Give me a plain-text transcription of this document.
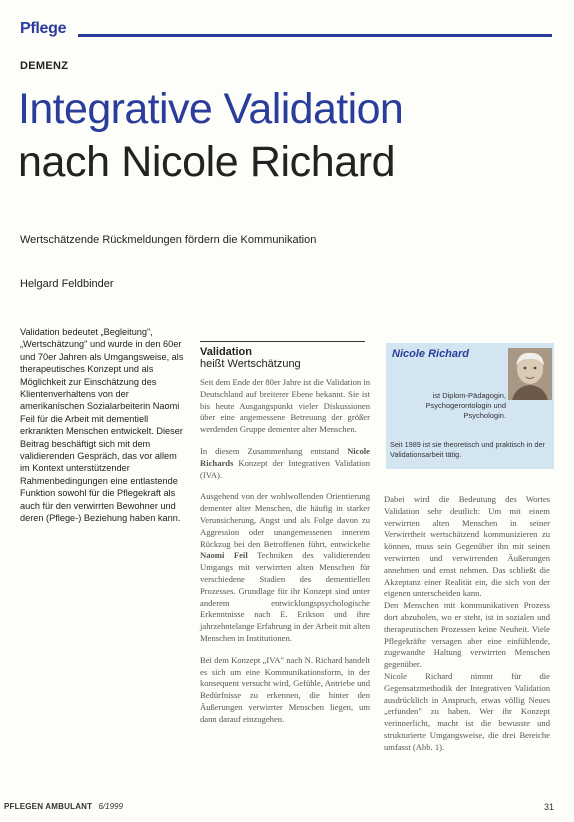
Pflege
DEMENZ
Integrative Validation
nach Nicole Richard
Wertschätzende Rückmeldungen fördern die Kommunikation
Helgard Feldbinder

Validation bedeutet „Begleitung", „Wertschätzung" und wurde in den 60er und 70er Jahren als Umgangsweise, als therapeutisches Konzept und als Möglichkeit zur Einschätzung des Klientenverhaltens von der amerikanischen Sozialarbeiterin Naomi Feil für die Arbeit mit dementiell erkrankten Menschen entwickelt. Dieser Beitrag beschäftigt sich mit dem validierenden Gespräch, das vor allem im Kontext unterstützender Rahmenbedingungen eine entlastende Funktion sowohl für die Pflegekraft als auch für den verwirrten Bewohner und deren (Pflege-) Beziehung haben kann.

Validation
heißt Wertschätzung

Seit dem Ende der 80er Jahre ist die Validation in Deutschland auf breiterer Ebene bekannt. Sie ist bis heute Ausgangspunkt vieler Diskussionen über eine angemessene Betreuung der größer werdenden Gruppe dementer alter Menschen.

In diesem Zusammenhang entstand Nicole Richards Konzept der Integrativen Validation (IVA).

Ausgehend von der wohlwollenden Orientierung dementer alter Menschen, die häufig in starker Verunsicherung, Angst und als Folge davon zu Aggression oder unangemessenen innerem Rückzug bei den Betroffenen führt, entwickelte Naomi Feil Techniken des validierenden Umgangs mit verwirrten alten Menschen für verschiedene Stadien des dementiellen Prozesses. Grundlage für ihr Konzept sind unter anderem entwicklungspsychologische Erkenntnisse nach E. Erikson und ihre jahrzehntelange Erfahrung in der Arbeit mit alten Menschen in Institutionen.

Bei dem Konzept „IVA" nach N. Richard handelt es sich um eine Kommunikationsform, in der konsequent versucht wird, Gefühle, Antriebe und Bedürfnisse zu erkennen, die hinter den Äußerungen verwirrter Menschen liegen, um dann darauf einzugehen.

Nicole Richard
ist Diplom-Pädagogin, Psychogerontologin und Psychologin.
Seit 1989 ist sie theoretisch und praktisch in der Validationsarbeit tätig.

Dabei wird die Bedeutung des Wortes Validation sehr deutlich: Um mit einem verwirrten alten Menschen in seiner Verwirrtheit wertschätzend kommunizieren zu können, muss sein Gegenüber ihn mit seinen verwirrten und verwirrenden Äußerungen annehmen und ernst nehmen. Das schließt die Akzeptanz einer Realität ein, die sich von der eigenen unterscheiden kann.

Den Menschen mit kommunikativen Prozess dort abzuholen, wo er steht, ist in sozialen und therapeutischen Prozessen keine Neuheit. Viele Pflegekräfte versagen aber eine einfühlende, zugewandte Haltung verwirrten Menschen gegenüber.

Nicole Richard nimmt für die Gegensatzmethodik der Integrativen Validation ausdrücklich in Anspruch, etwas völlig Neues „erfunden" zu haben. Wer ihr Konzept verinnerlicht, macht ist die bewusste und strukturierte Umgangsweise, die drei Bereiche umfasst (Abb. 1).

PFLEGEN AMBULANT 6/1999	31
